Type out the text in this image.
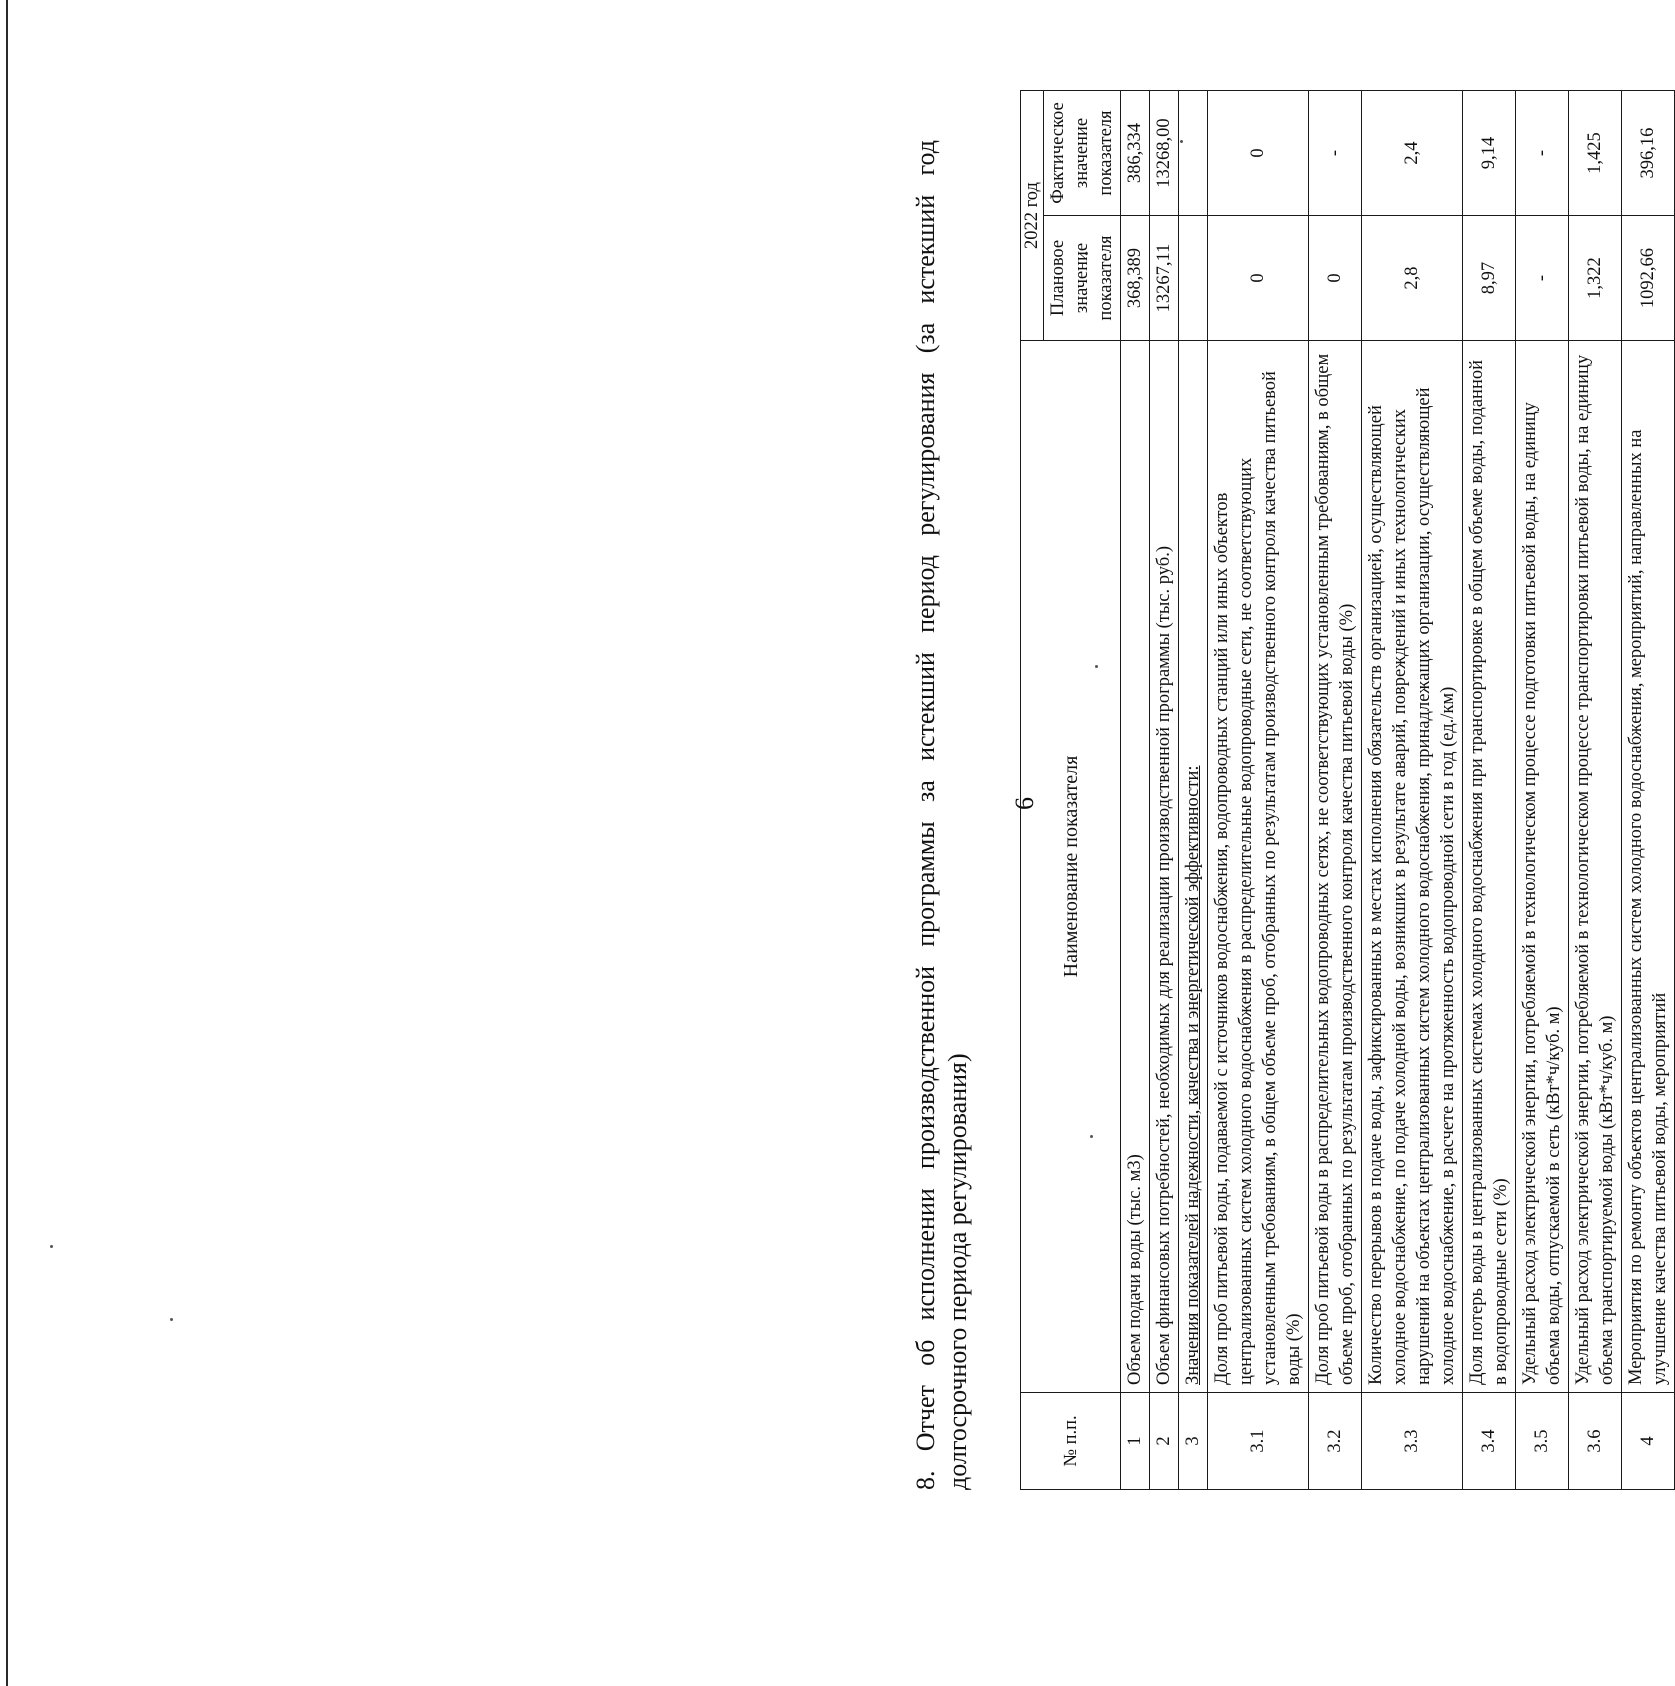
6
8. Отчет об исполнении производственной программы за истекший период регулирования (за истекший год долгосрочного периода регулирования)	№ п.п.	Наименование показателя	2022 год	
		Плановое значение показателя	Фактическое значение показателя
1	Объем подачи воды (тыс. м3)	368,389	386,334
2	Объем финансовых потребностей, необходимых для реализации производственной программы (тыс. руб.)	13267,11	13268,00
3	Значения показателей надежности, качества и энергетической эффективности:		
3.1	Доля проб питьевой воды, подаваемой с источников водоснабжения, водопроводных станций или иных объектов централизованных систем холодного водоснабжения в распределительные водопроводные сети, не соответствующих установленным требованиям, в общем объеме проб, отобранных по результатам производственного контроля качества питьевой воды (%)	0	0
3.2	Доля проб питьевой воды в распределительных водопроводных сетях, не соответствующих установленным требованиям, в общем объеме проб, отобранных по результатам производственного контроля качества питьевой воды (%)	0	-
3.3	Количество перерывов в подаче воды, зафиксированных в местах исполнения обязательств организацией, осуществляющей холодное водоснабжение, по подаче холодной воды, возникших в результате аварий, повреждений и иных технологических нарушений на объектах централизованных систем холодного водоснабжения, принадлежащих организации, осуществляющей холодное водоснабжение, в расчете на протяженность водопроводной сети в год (ед./км)	2,8	2,4
3.4	Доля потерь воды в централизованных системах холодного водоснабжения при транспортировке в общем объеме воды, поданной в водопроводные сети (%)	8,97	9,14
3.5	Удельный расход электрической энергии, потребляемой в технологическом процессе подготовки питьевой воды, на единицу объема воды, отпускаемой в сеть (кВт*ч/куб. м)	-	-
3.6	Удельный расход электрической энергии, потребляемой в технологическом процессе транспортировки питьевой воды, на единицу объема транспортируемой воды (кВт*ч/куб. м)	1,322	1,425
4	Мероприятия по ремонту объектов централизованных систем холодного водоснабжения, мероприятий, направленных на улучшение качества питьевой воды, мероприятий	1092,66	396,16
